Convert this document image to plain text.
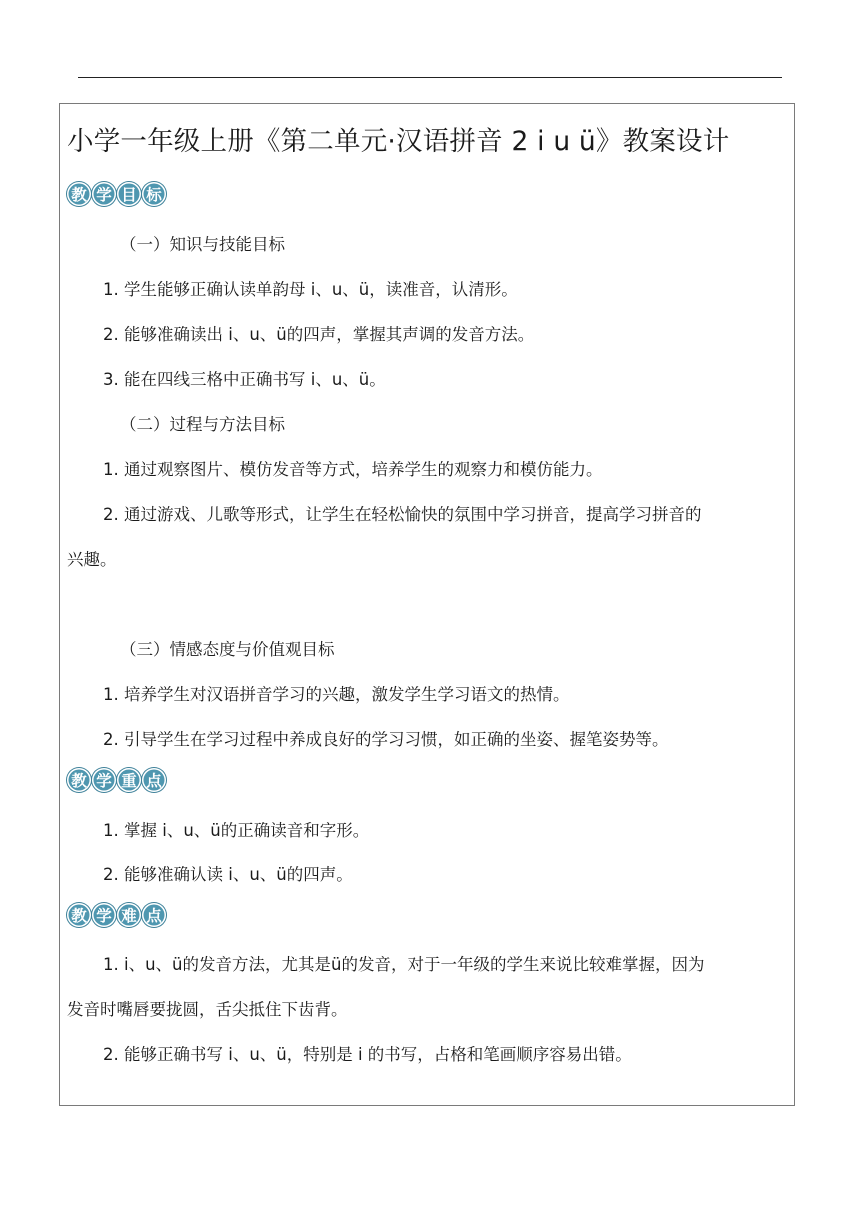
小学一年级上册《第二单元·汉语拼音 2 i u ü》教案设计
教 学 目 标
（一）知识与技能目标
1. 学生能够正确认读单韵母 i、u、ü，读准音，认清形。
2. 能够准确读出 i、u、ü的四声，掌握其声调的发音方法。
3. 能在四线三格中正确书写 i、u、ü。
（二）过程与方法目标
1. 通过观察图片、模仿发音等方式，培养学生的观察力和模仿能力。
2. 通过游戏、儿歌等形式，让学生在轻松愉快的氛围中学习拼音，提高学习拼音的
兴趣。
（三）情感态度与价值观目标
1. 培养学生对汉语拼音学习的兴趣，激发学生学习语文的热情。
2. 引导学生在学习过程中养成良好的学习习惯，如正确的坐姿、握笔姿势等。
教 学 重 点
1. 掌握 i、u、ü的正确读音和字形。
2. 能够准确认读 i、u、ü的四声。
教 学 难 点
1. i、u、ü的发音方法，尤其是ü的发音，对于一年级的学生来说比较难掌握，因为
发音时嘴唇要拢圆，舌尖抵住下齿背。
2. 能够正确书写 i、u、ü，特别是 i 的书写，占格和笔画顺序容易出错。
